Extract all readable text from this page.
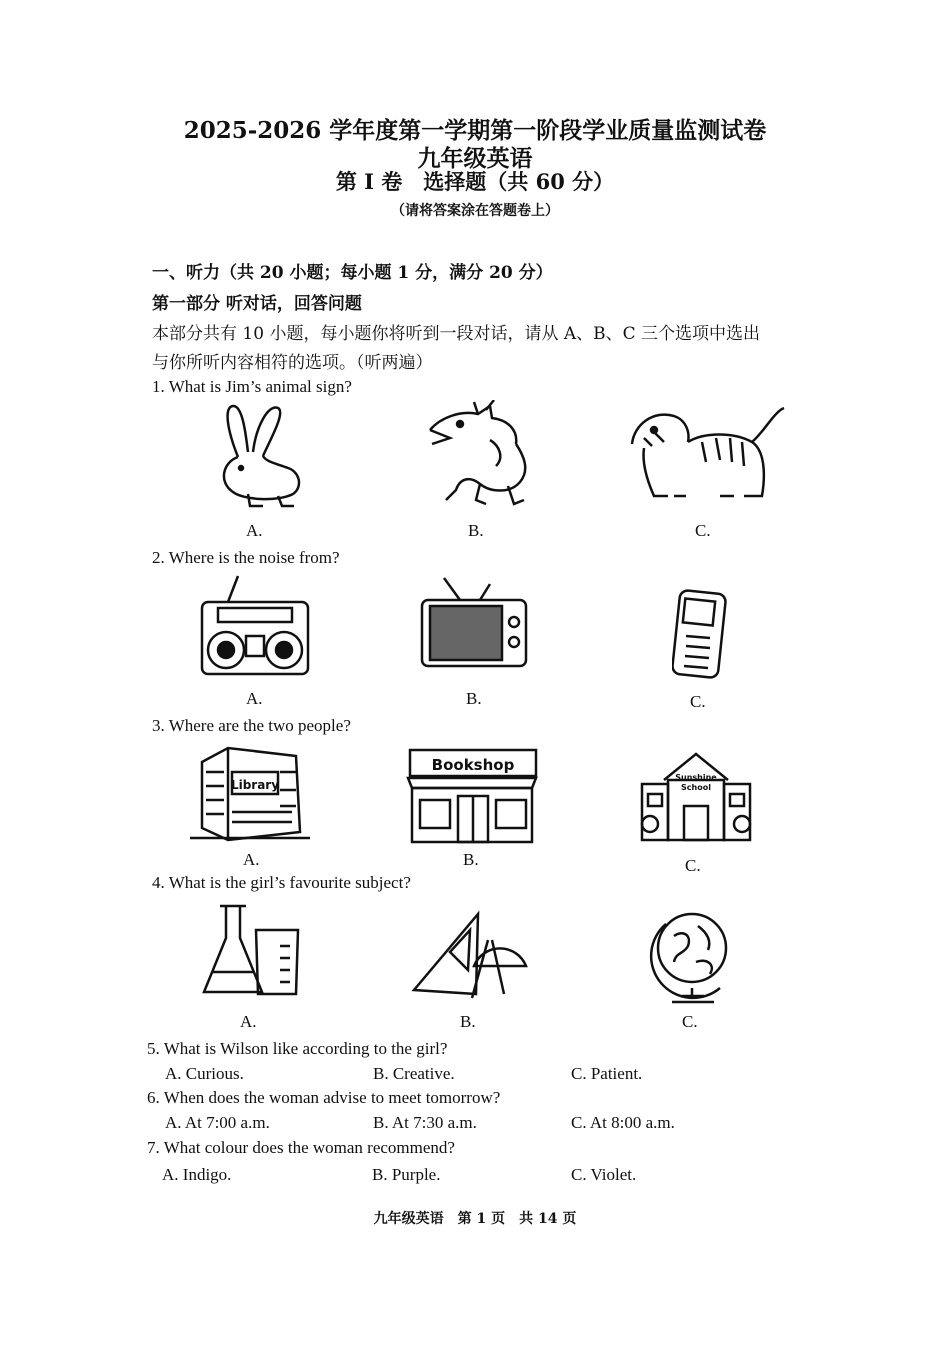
2025-2026 学年度第一学期第一阶段学业质量监测试卷
九年级英语
第 I 卷　选择题（共 60 分）
（请将答案涂在答题卷上）
一、听力（共 20 小题；每小题 1 分，满分 20 分）
第一部分 听对话，回答问题
本部分共有 10 小题，每小题你将听到一段对话，请从 A、B、C 三个选项中选出
与你所听内容相符的选项。（听两遍）
1. What is Jim’s animal sign?
A.	B.	C.
2. Where is the noise from?
A.	B.	C.
3. Where are the two people?
Library
Bookshop
Sunshine
School
A.	B.	C.
4. What is the girl’s favourite subject?
A.	B.	C.
5. What is Wilson like according to the girl?
A. Curious.	B. Creative.	C. Patient.
6. When does the woman advise to meet tomorrow?
A. At 7:00 a.m.	B. At 7:30 a.m.	C. At 8:00 a.m.
7. What colour does the woman recommend?
A. Indigo.	B. Purple.	C. Violet.
九年级英语　第 1 页　共 14 页
